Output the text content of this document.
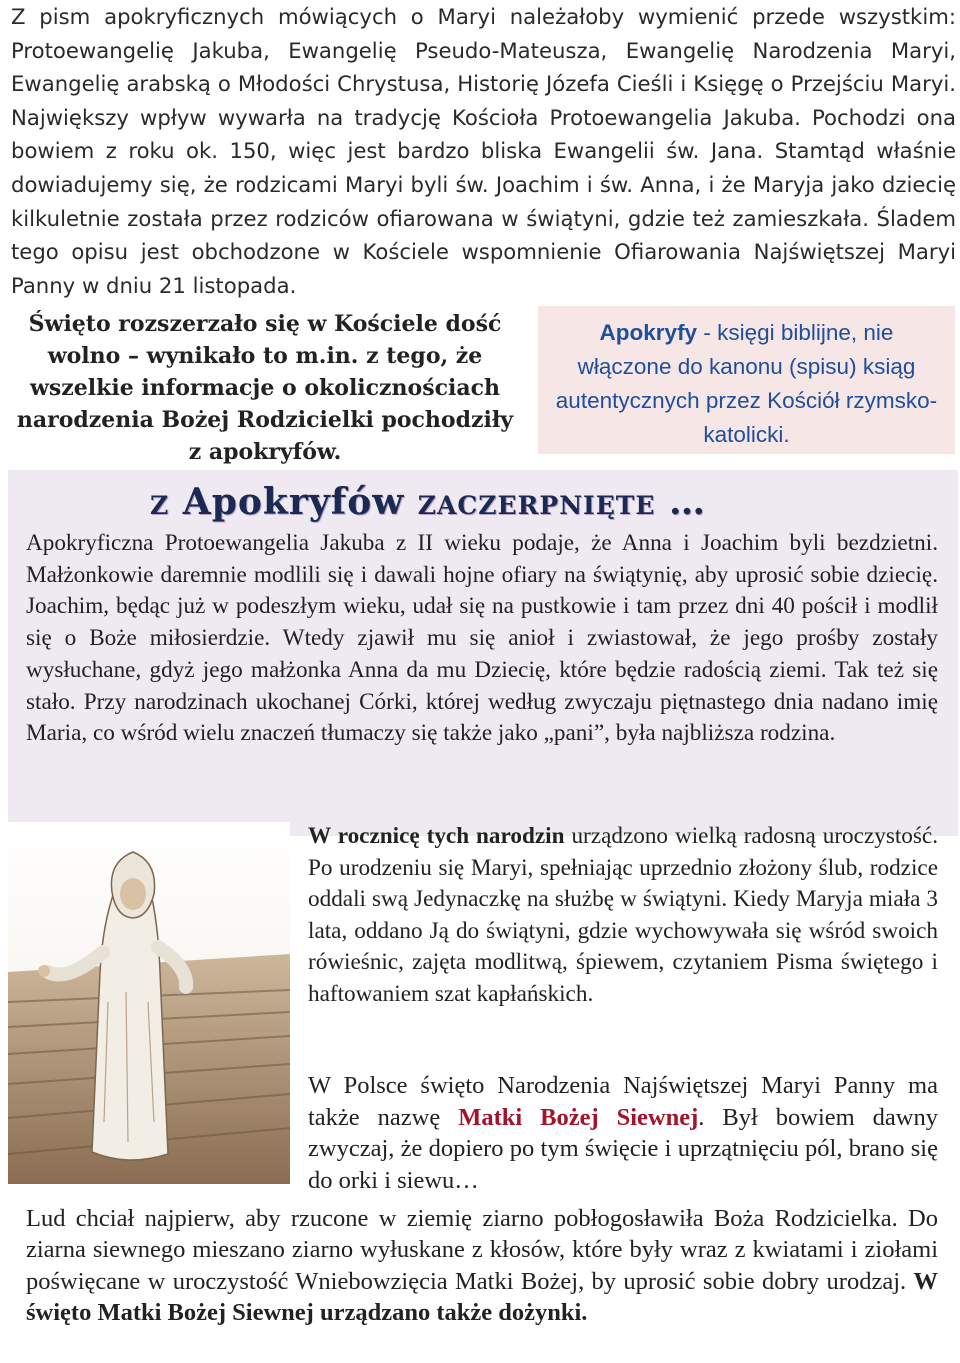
Z pism apokryficznych mówiących o Maryi należałoby wymienić przede wszystkim: Protoewangelię Jakuba, Ewangelię Pseudo-Mateusza, Ewangelię Narodzenia Maryi, Ewangelię arabską o Młodości Chrystusa, Historię Józefa Cieśli i Księgę o Przejściu Maryi. Największy wpływ wywarła na tradycję Kościoła Protoewangelia Jakuba. Pochodzi ona bowiem z roku ok. 150, więc jest bardzo bliska Ewangelii św. Jana. Stamtąd właśnie dowiadujemy się, że rodzicami Maryi byli św. Joachim i św. Anna, i że Maryja jako dziecię kilkuletnie została przez rodziców ofiarowana w świątyni, gdzie też zamieszkała. Śladem tego opisu jest obchodzone w Kościele wspomnienie Ofiarowania Najświętszej Maryi Panny w dniu 21 listopada.

Święto rozszerzało się w Kościele dość wolno – wynikało to m.in. z tego, że wszelkie informacje o okolicznościach narodzenia Bożej Rodzicielki pochodziły z apokryfów.

Apokryfy - księgi biblijne, nie włączone do kanonu (spisu) ksiąg autentycznych przez Kościół rzymsko-katolicki.
z Apokryfów zaczerpnięte …

Apokryficzna Protoewangelia Jakuba z II wieku podaje, że Anna i Joachim byli bezdzietni. Małżonkowie daremnie modlili się i dawali hojne ofiary na świątynię, aby uprosić sobie dziecię. Joachim, będąc już w podeszłym wieku, udał się na pustkowie i tam przez dni 40 pościł i modlił się o Boże miłosierdzie. Wtedy zjawił mu się anioł i zwiastował, że jego prośby zostały wysłuchane, gdyż jego małżonka Anna da mu Dziecię, które będzie radością ziemi. Tak też się stało. Przy narodzinach ukochanej Córki, której według zwyczaju piętnastego dnia nadano imię Maria, co wśród wielu znaczeń tłumaczy się także jako „pani”, była najbliższa rodzina.

W rocznicę tych narodzin urządzono wielką radosną uroczystość. Po urodzeniu się Maryi, spełniając uprzednio złożony ślub, rodzice oddali swą Jedynaczkę na służbę w świątyni. Kiedy Maryja miała 3 lata, oddano Ją do świątyni, gdzie wychowywała się wśród swoich rówieśnic, zajęta modlitwą, śpiewem, czytaniem Pisma świętego i haftowaniem szat kapłańskich.

W Polsce święto Narodzenia Najświętszej Maryi Panny ma także nazwę Matki Bożej Siewnej. Był bowiem dawny zwyczaj, że dopiero po tym święcie i uprzątnięciu pól, brano się do orki i siewu…

Lud chciał najpierw, aby rzucone w ziemię ziarno pobłogosławiła Boża Rodzicielka. Do ziarna siewnego mieszano ziarno wyłuskane z kłosów, które były wraz z kwiatami i ziołami poświęcane w uroczystość Wniebowzięcia Matki Bożej, by uprosić sobie dobry urodzaj. W święto Matki Bożej Siewnej urządzano także dożynki.
